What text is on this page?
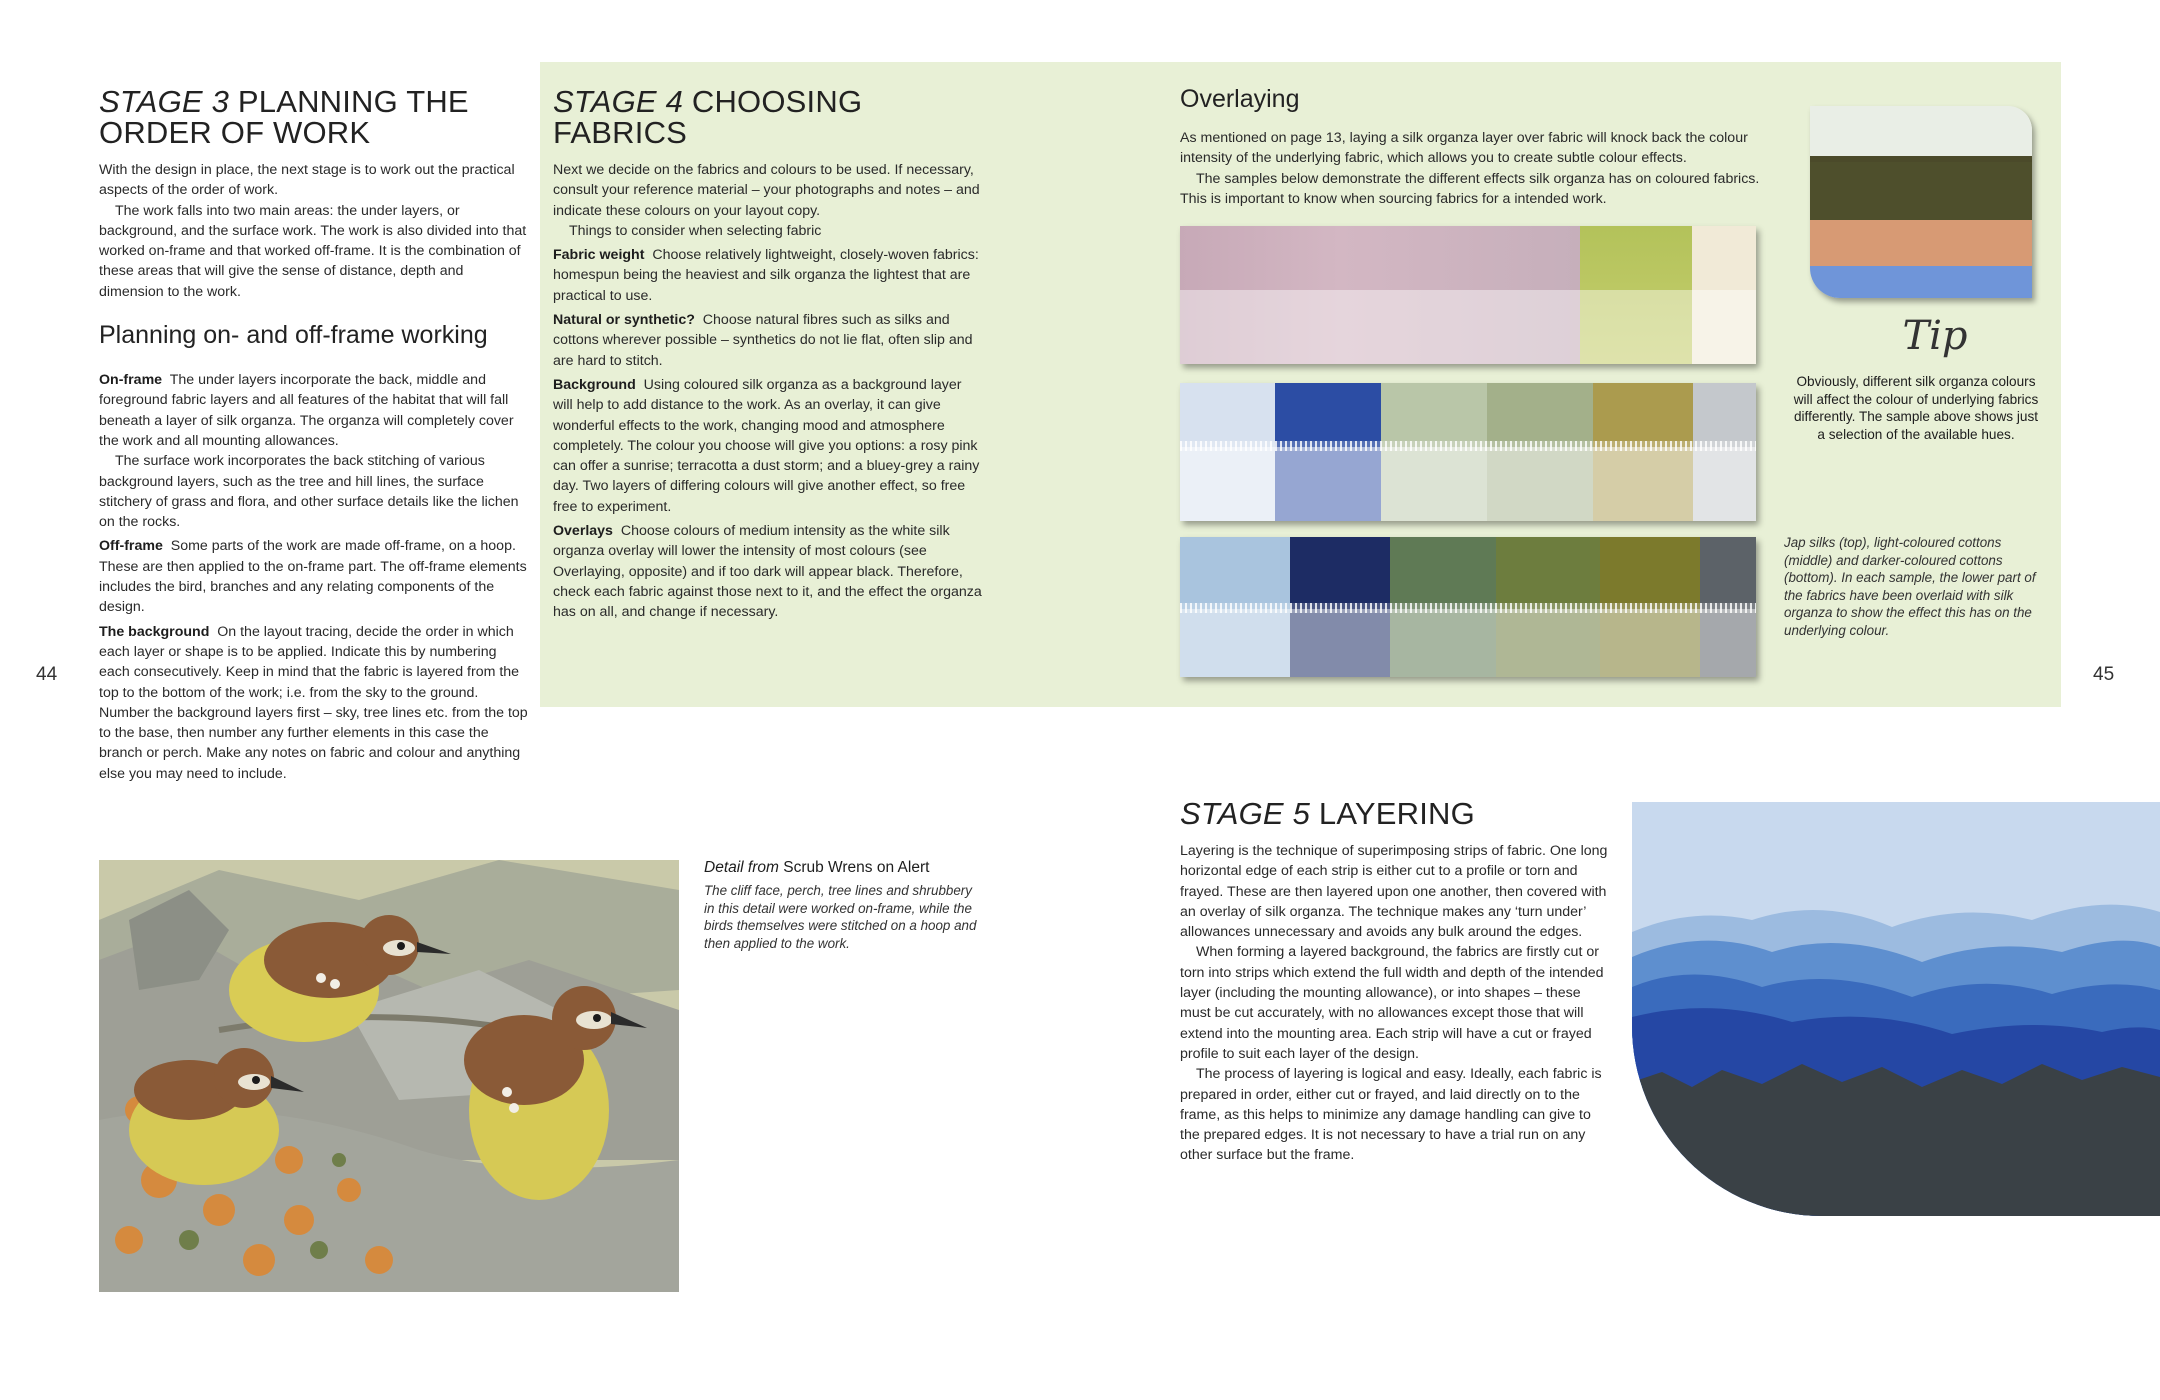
44	45
STAGE 3 PLANNING THE
ORDER OF WORK

With the design in place, the next stage is to work out the practical aspects of the order of work.

The work falls into two main areas: the under layers, or background, and the surface work. The work is also divided into that worked on-frame and that worked off-frame. It is the combination of these areas that will give the sense of distance, depth and dimension to the work.

Planning on- and off-frame working

On-frame The under layers incorporate the back, middle and foreground fabric layers and all features of the habitat that will fall beneath a layer of silk organza. The organza will completely cover the work and all mounting allowances.

The surface work incorporates the back stitching of various background layers, such as the tree and hill lines, the surface stitchery of grass and flora, and other surface details like the lichen on the rocks.

Off-frame Some parts of the work are made off-frame, on a hoop. These are then applied to the on-frame part. The off-frame elements includes the bird, branches and any relating components of the design.

The background On the layout tracing, decide the order in which each layer or shape is to be applied. Indicate this by numbering each consecutively. Keep in mind that the fabric is layered from the top to the bottom of the work; i.e. from the sky to the ground. Number the background layers first – sky, tree lines etc. from the top to the base, then number any further elements in this case the branch or perch. Make any notes on fabric and colour and anything else you may need to include.

STAGE 4 CHOOSING FABRICS

Next we decide on the fabrics and colours to be used. If necessary, consult your reference material – your photographs and notes – and indicate these colours on your layout copy.

Things to consider when selecting fabric

Fabric weight Choose relatively lightweight, closely-woven fabrics: homespun being the heaviest and silk organza the lightest that are practical to use.

Natural or synthetic? Choose natural fibres such as silks and cottons wherever possible – synthetics do not lie flat, often slip and are hard to stitch.

Background Using coloured silk organza as a background layer will help to add distance to the work. As an overlay, it can give wonderful effects to the work, changing mood and atmosphere completely. The colour you choose will give you options: a rosy pink can offer a sunrise; terracotta a dust storm; and a bluey-grey a rainy day. Two layers of differing colours will give another effect, so free free to experiment.

Overlays Choose colours of medium intensity as the white silk organza overlay will lower the intensity of most colours (see Overlaying, opposite) and if too dark will appear black. Therefore, check each fabric against those next to it, and the effect the organza has on all, and change if necessary.

Overlaying

As mentioned on page 13, laying a silk organza layer over fabric will knock back the colour intensity of the underlying fabric, which allows you to create subtle colour effects.

The samples below demonstrate the different effects silk organza has on coloured fabrics. This is important to know when sourcing fabrics for a intended work.

Jap silks (top), light-coloured cottons (middle) and darker-coloured cottons (bottom). In each sample, the lower part of the fabrics have been overlaid with silk organza to show the effect this has on the underlying colour.
Tip
Obviously, different silk organza colours will affect the colour of underlying fabrics differently. The sample above shows just a selection of the available hues.
Detail from Scrub Wrens on Alert
The cliff face, perch, tree lines and shrubbery in this detail were worked on-frame, while the birds themselves were stitched on a hoop and then applied to the work.
STAGE 5 LAYERING

Layering is the technique of superimposing strips of fabric. One long horizontal edge of each strip is either cut to a profile or torn and frayed. These are then layered upon one another, then covered with an overlay of silk organza. The technique makes any ‘turn under’ allowances unnecessary and avoids any bulk around the edges.

When forming a layered background, the fabrics are firstly cut or torn into strips which extend the full width and depth of the intended layer (including the mounting allowance), or into shapes – these must be cut accurately, with no allowances except those that will extend into the mounting area. Each strip will have a cut or frayed profile to suit each layer of the design.

The process of layering is logical and easy. Ideally, each fabric is prepared in order, either cut or frayed, and laid directly on to the frame, as this helps to minimize any damage handling can give to the prepared edges. It is not necessary to have a trial run on any other surface but the frame.
